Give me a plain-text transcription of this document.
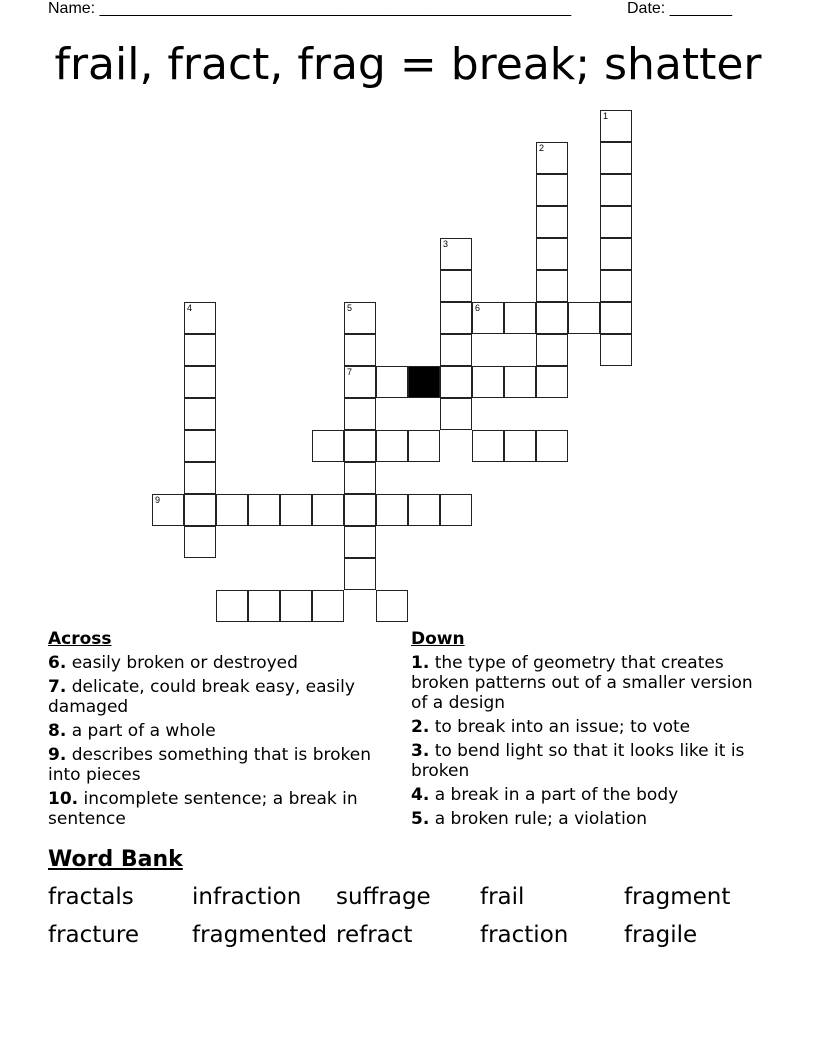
Name: _____________________________________________________	Date: _______
frail, fract, frag = break; shatter
1
2
3
4	5
7
6
9
Across
6. easily broken or destroyed
7. delicate, could break easy, easily damaged
8. a part of a whole
9. describes something that is broken into pieces
10. incomplete sentence; a break in sentence
Down
1. the type of geometry that creates broken patterns out of a smaller version of a design
2. to break into an issue; to vote
3. to bend light so that it looks like it is broken
4. a break in a part of the body
5. a broken rule; a violation
Word Bank
fractals	infraction suffrage frail	fragment
fracture fragmented refract	fraction fragile
